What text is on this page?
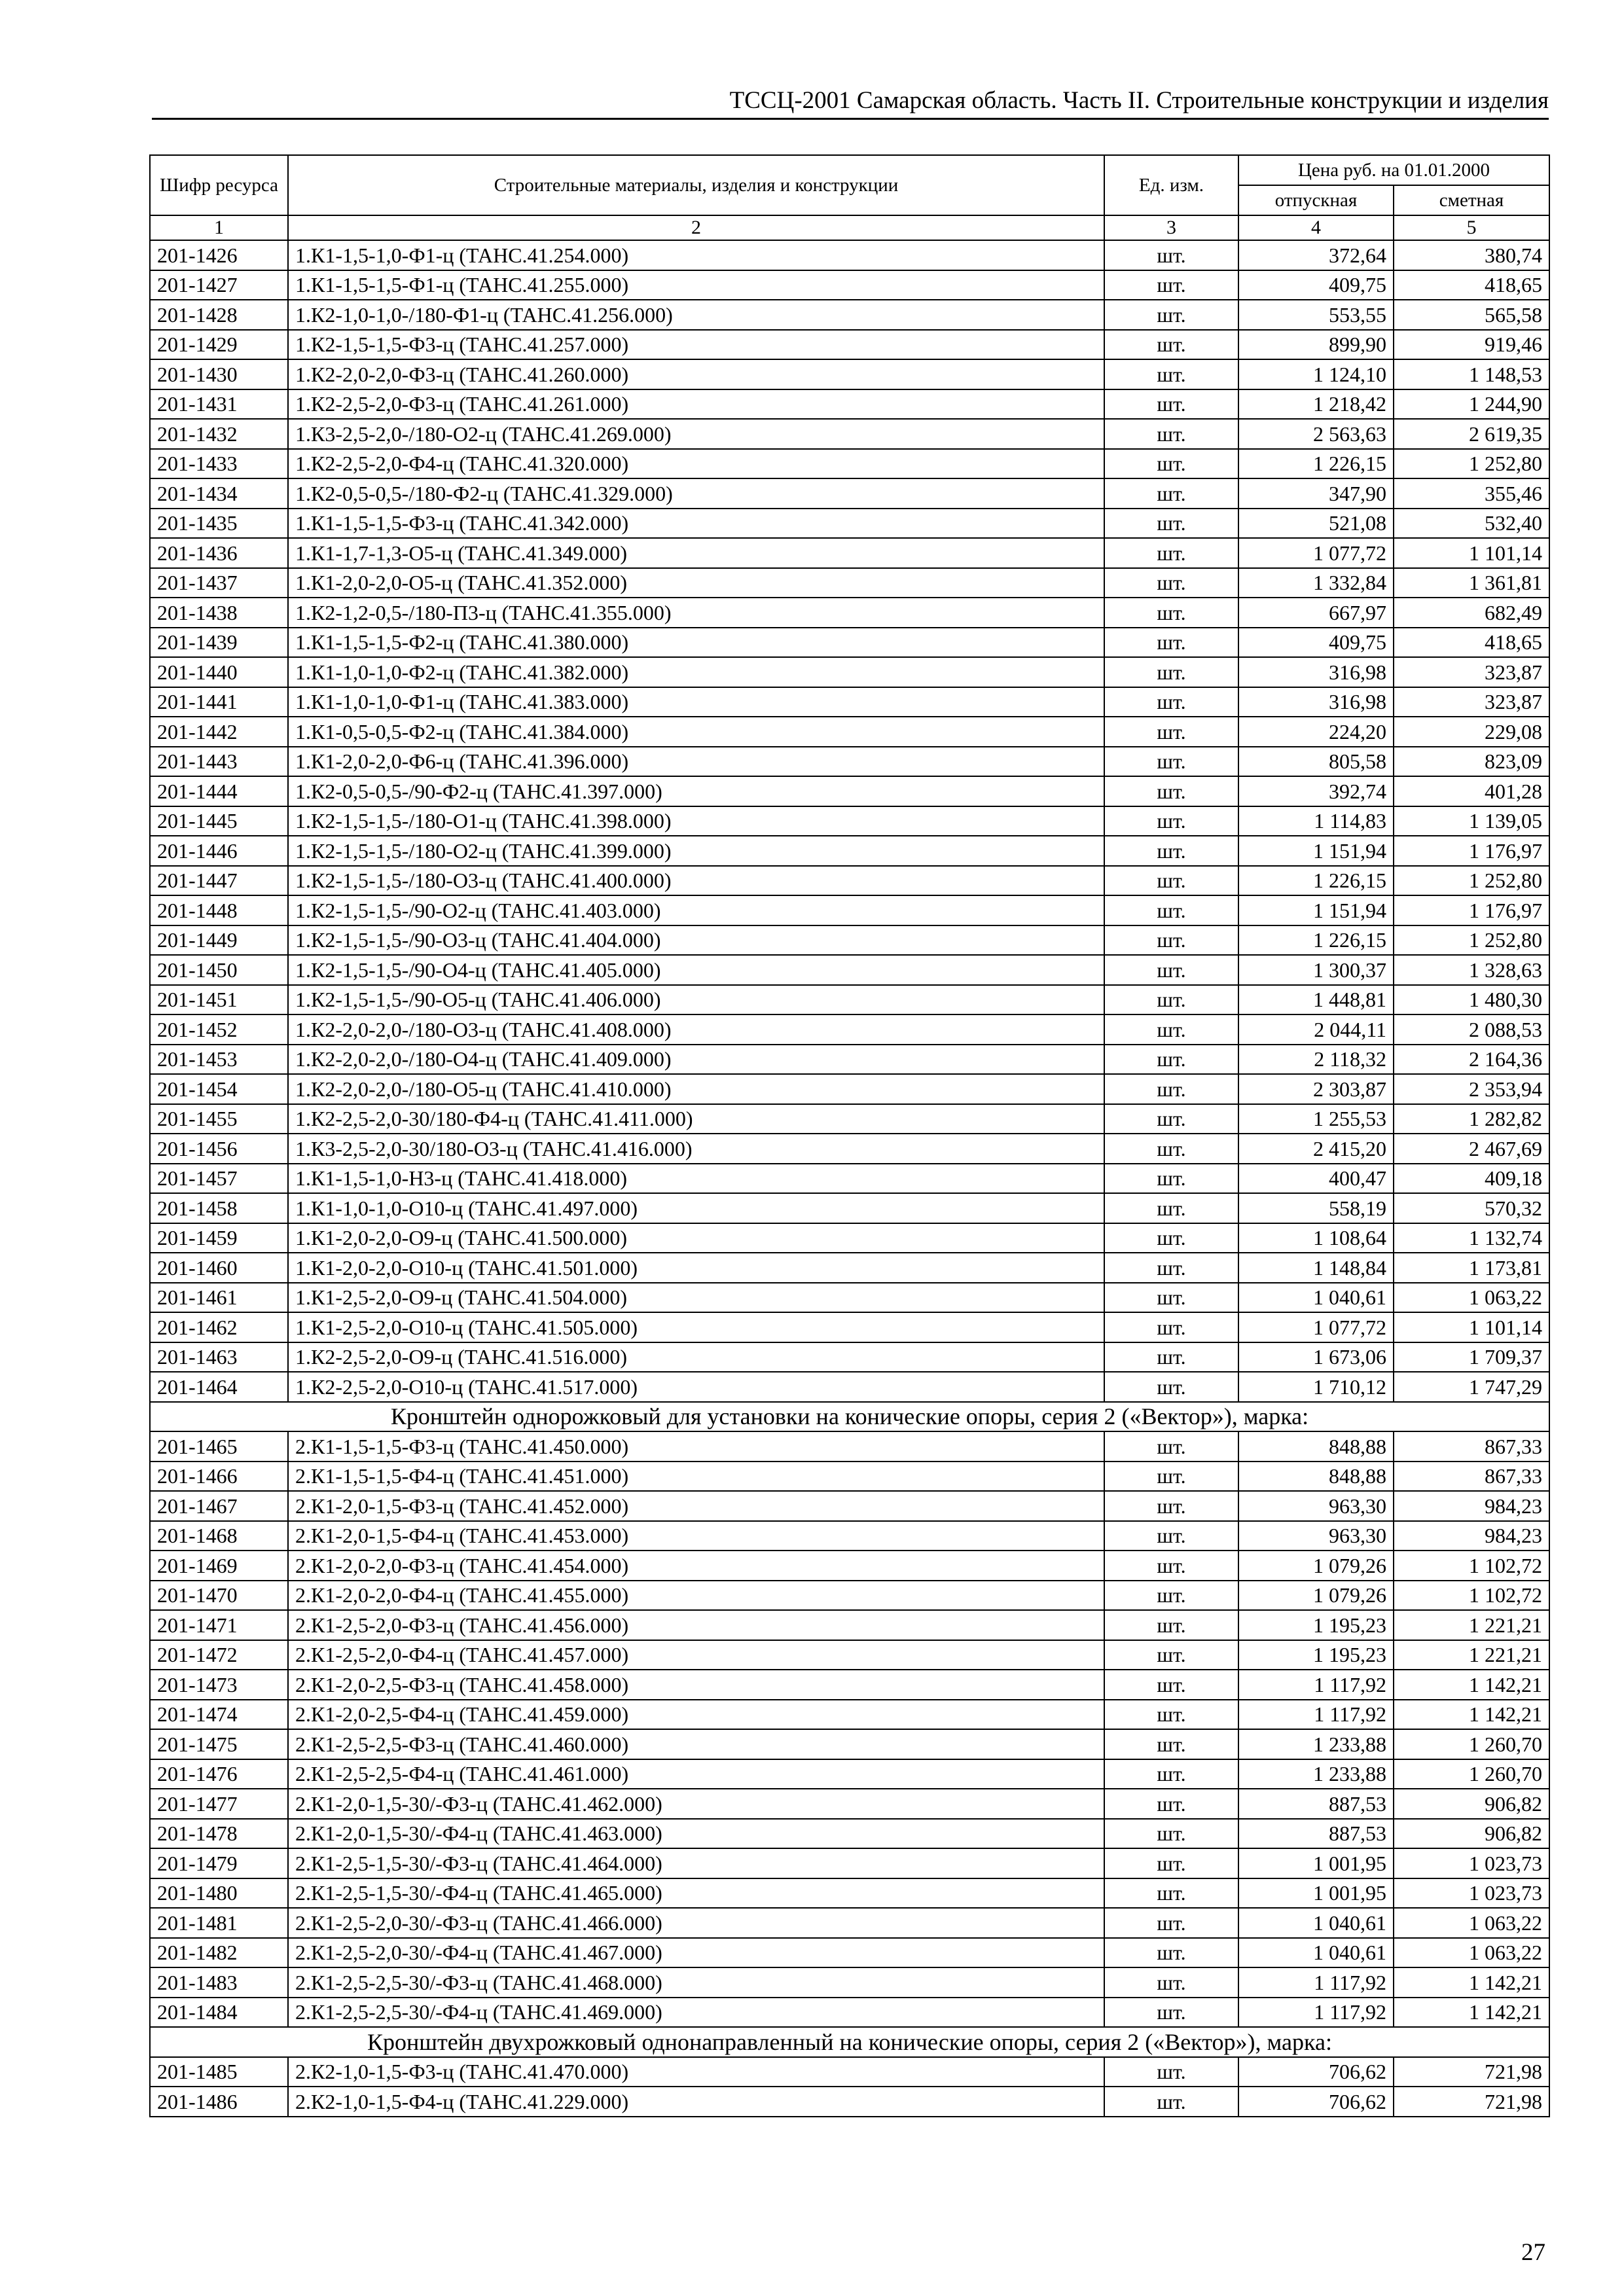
ТССЦ-2001 Самарская область. Часть II. Строительные конструкции и изделия
Шифр ресурса	Строительные материалы, изделия и конструкции	Ед. изм.	Цена руб. на 01.01.2000	
			отпускная	сметная
1	2	3	4	5
201-1426	1.К1-1,5-1,0-Ф1-ц (ТАНС.41.254.000)	шт.	372,64	380,74
201-1427	1.К1-1,5-1,5-Ф1-ц (ТАНС.41.255.000)	шт.	409,75	418,65
201-1428	1.К2-1,0-1,0-/180-Ф1-ц (ТАНС.41.256.000)	шт.	553,55	565,58
201-1429	1.К2-1,5-1,5-Ф3-ц (ТАНС.41.257.000)	шт.	899,90	919,46
201-1430	1.К2-2,0-2,0-Ф3-ц (ТАНС.41.260.000)	шт.	1 124,10	1 148,53
201-1431	1.К2-2,5-2,0-Ф3-ц (ТАНС.41.261.000)	шт.	1 218,42	1 244,90
201-1432	1.К3-2,5-2,0-/180-О2-ц (ТАНС.41.269.000)	шт.	2 563,63	2 619,35
201-1433	1.К2-2,5-2,0-Ф4-ц (ТАНС.41.320.000)	шт.	1 226,15	1 252,80
201-1434	1.К2-0,5-0,5-/180-Ф2-ц (ТАНС.41.329.000)	шт.	347,90	355,46
201-1435	1.К1-1,5-1,5-Ф3-ц (ТАНС.41.342.000)	шт.	521,08	532,40
201-1436	1.К1-1,7-1,3-О5-ц (ТАНС.41.349.000)	шт.	1 077,72	1 101,14
201-1437	1.К1-2,0-2,0-О5-ц (ТАНС.41.352.000)	шт.	1 332,84	1 361,81
201-1438	1.К2-1,2-0,5-/180-П3-ц (ТАНС.41.355.000)	шт.	667,97	682,49
201-1439	1.К1-1,5-1,5-Ф2-ц (ТАНС.41.380.000)	шт.	409,75	418,65
201-1440	1.К1-1,0-1,0-Ф2-ц (ТАНС.41.382.000)	шт.	316,98	323,87
201-1441	1.К1-1,0-1,0-Ф1-ц (ТАНС.41.383.000)	шт.	316,98	323,87
201-1442	1.К1-0,5-0,5-Ф2-ц (ТАНС.41.384.000)	шт.	224,20	229,08
201-1443	1.К1-2,0-2,0-Ф6-ц (ТАНС.41.396.000)	шт.	805,58	823,09
201-1444	1.К2-0,5-0,5-/90-Ф2-ц (ТАНС.41.397.000)	шт.	392,74	401,28
201-1445	1.К2-1,5-1,5-/180-О1-ц (ТАНС.41.398.000)	шт.	1 114,83	1 139,05
201-1446	1.К2-1,5-1,5-/180-О2-ц (ТАНС.41.399.000)	шт.	1 151,94	1 176,97
201-1447	1.К2-1,5-1,5-/180-О3-ц (ТАНС.41.400.000)	шт.	1 226,15	1 252,80
201-1448	1.К2-1,5-1,5-/90-О2-ц (ТАНС.41.403.000)	шт.	1 151,94	1 176,97
201-1449	1.К2-1,5-1,5-/90-О3-ц (ТАНС.41.404.000)	шт.	1 226,15	1 252,80
201-1450	1.К2-1,5-1,5-/90-О4-ц (ТАНС.41.405.000)	шт.	1 300,37	1 328,63
201-1451	1.К2-1,5-1,5-/90-О5-ц (ТАНС.41.406.000)	шт.	1 448,81	1 480,30
201-1452	1.К2-2,0-2,0-/180-О3-ц (ТАНС.41.408.000)	шт.	2 044,11	2 088,53
201-1453	1.К2-2,0-2,0-/180-О4-ц (ТАНС.41.409.000)	шт.	2 118,32	2 164,36
201-1454	1.К2-2,0-2,0-/180-О5-ц (ТАНС.41.410.000)	шт.	2 303,87	2 353,94
201-1455	1.К2-2,5-2,0-30/180-Ф4-ц (ТАНС.41.411.000)	шт.	1 255,53	1 282,82
201-1456	1.К3-2,5-2,0-30/180-О3-ц (ТАНС.41.416.000)	шт.	2 415,20	2 467,69
201-1457	1.К1-1,5-1,0-Н3-ц (ТАНС.41.418.000)	шт.	400,47	409,18
201-1458	1.К1-1,0-1,0-О10-ц (ТАНС.41.497.000)	шт.	558,19	570,32
201-1459	1.К1-2,0-2,0-О9-ц (ТАНС.41.500.000)	шт.	1 108,64	1 132,74
201-1460	1.К1-2,0-2,0-О10-ц (ТАНС.41.501.000)	шт.	1 148,84	1 173,81
201-1461	1.К1-2,5-2,0-О9-ц (ТАНС.41.504.000)	шт.	1 040,61	1 063,22
201-1462	1.К1-2,5-2,0-О10-ц (ТАНС.41.505.000)	шт.	1 077,72	1 101,14
201-1463	1.К2-2,5-2,0-О9-ц (ТАНС.41.516.000)	шт.	1 673,06	1 709,37
201-1464	1.К2-2,5-2,0-О10-ц (ТАНС.41.517.000)	шт.	1 710,12	1 747,29
Кронштейн однорожковый для установки на конические опоры, серия 2 («Вектор»), марка:				
201-1465	2.К1-1,5-1,5-Ф3-ц (ТАНС.41.450.000)	шт.	848,88	867,33
201-1466	2.К1-1,5-1,5-Ф4-ц (ТАНС.41.451.000)	шт.	848,88	867,33
201-1467	2.К1-2,0-1,5-Ф3-ц (ТАНС.41.452.000)	шт.	963,30	984,23
201-1468	2.К1-2,0-1,5-Ф4-ц (ТАНС.41.453.000)	шт.	963,30	984,23
201-1469	2.К1-2,0-2,0-Ф3-ц (ТАНС.41.454.000)	шт.	1 079,26	1 102,72
201-1470	2.К1-2,0-2,0-Ф4-ц (ТАНС.41.455.000)	шт.	1 079,26	1 102,72
201-1471	2.К1-2,5-2,0-Ф3-ц (ТАНС.41.456.000)	шт.	1 195,23	1 221,21
201-1472	2.К1-2,5-2,0-Ф4-ц (ТАНС.41.457.000)	шт.	1 195,23	1 221,21
201-1473	2.К1-2,0-2,5-Ф3-ц (ТАНС.41.458.000)	шт.	1 117,92	1 142,21
201-1474	2.К1-2,0-2,5-Ф4-ц (ТАНС.41.459.000)	шт.	1 117,92	1 142,21
201-1475	2.К1-2,5-2,5-Ф3-ц (ТАНС.41.460.000)	шт.	1 233,88	1 260,70
201-1476	2.К1-2,5-2,5-Ф4-ц (ТАНС.41.461.000)	шт.	1 233,88	1 260,70
201-1477	2.К1-2,0-1,5-30/-Ф3-ц (ТАНС.41.462.000)	шт.	887,53	906,82
201-1478	2.К1-2,0-1,5-30/-Ф4-ц (ТАНС.41.463.000)	шт.	887,53	906,82
201-1479	2.К1-2,5-1,5-30/-Ф3-ц (ТАНС.41.464.000)	шт.	1 001,95	1 023,73
201-1480	2.К1-2,5-1,5-30/-Ф4-ц (ТАНС.41.465.000)	шт.	1 001,95	1 023,73
201-1481	2.К1-2,5-2,0-30/-Ф3-ц (ТАНС.41.466.000)	шт.	1 040,61	1 063,22
201-1482	2.К1-2,5-2,0-30/-Ф4-ц (ТАНС.41.467.000)	шт.	1 040,61	1 063,22
201-1483	2.К1-2,5-2,5-30/-Ф3-ц (ТАНС.41.468.000)	шт.	1 117,92	1 142,21
201-1484	2.К1-2,5-2,5-30/-Ф4-ц (ТАНС.41.469.000)	шт.	1 117,92	1 142,21
Кронштейн двухрожковый однонаправленный на конические опоры, серия 2 («Вектор»), марка:				
201-1485	2.К2-1,0-1,5-Ф3-ц (ТАНС.41.470.000)	шт.	706,62	721,98
201-1486	2.К2-1,0-1,5-Ф4-ц (ТАНС.41.229.000)	шт.	706,62	721,98
27
